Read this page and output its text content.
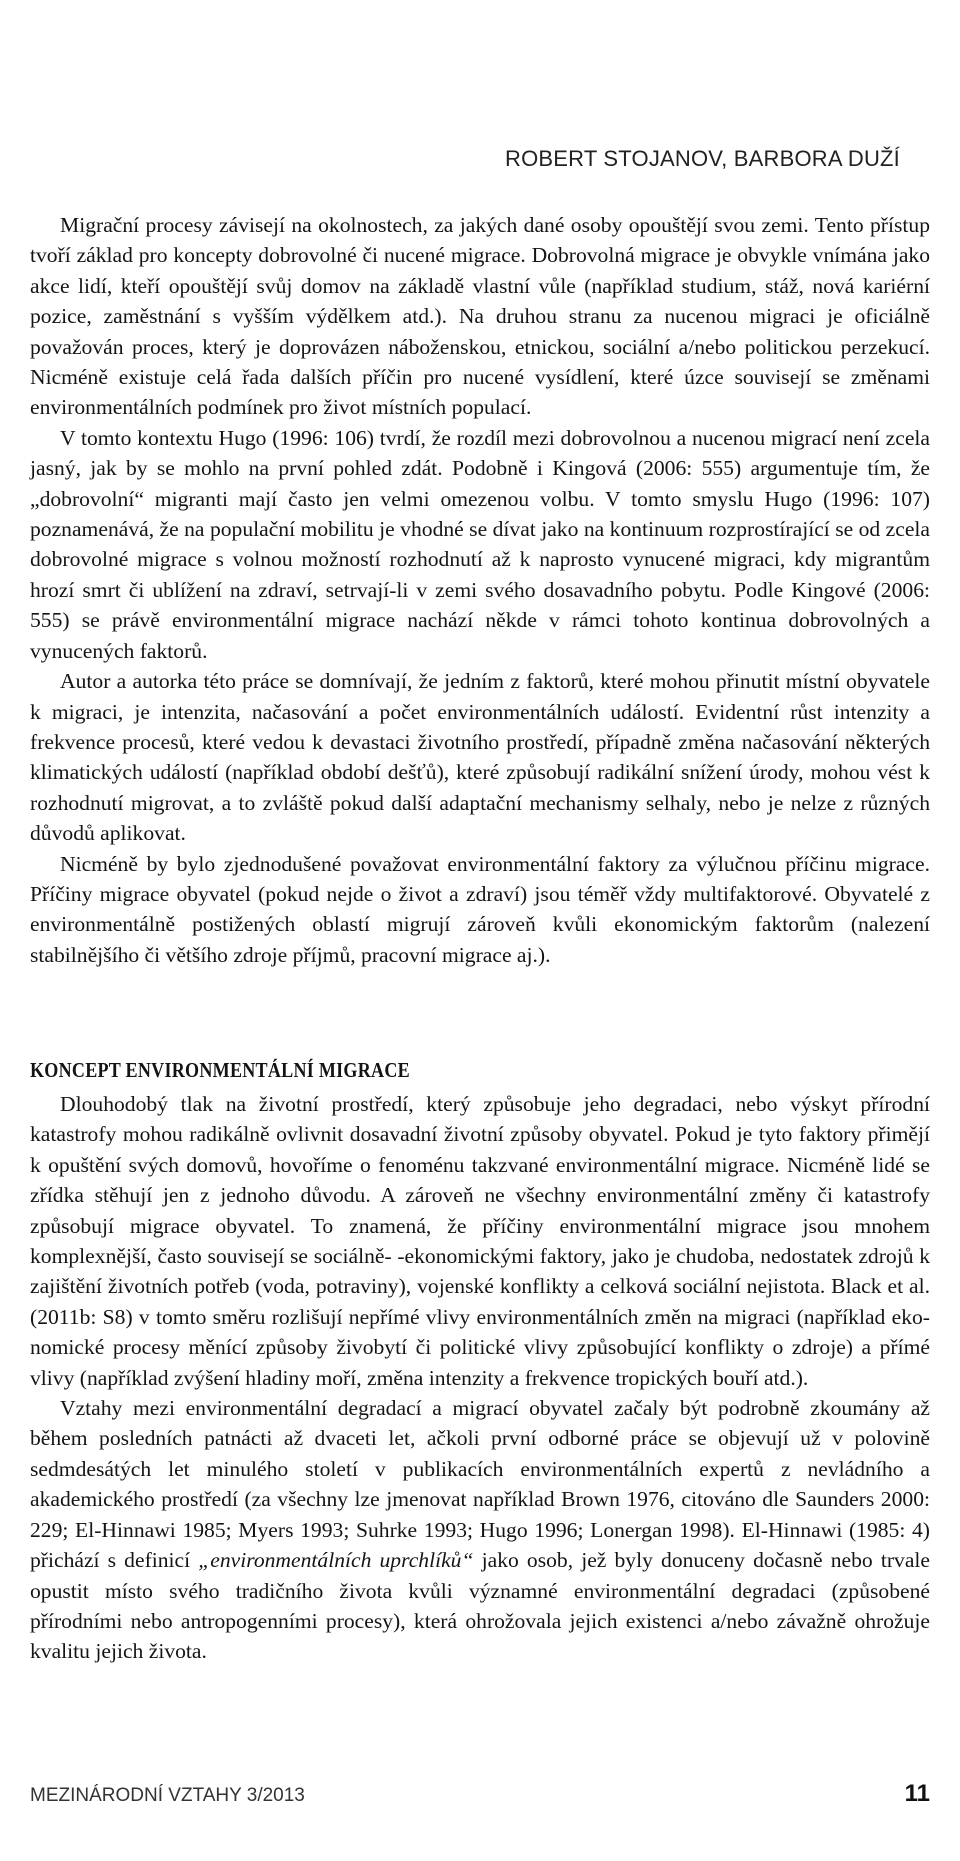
ROBERT STOJANOV, BARBORA DUŽÍ

Migrační procesy závisejí na okolnostech, za jakých dané osoby opouštějí svou zemi. Tento přístup tvoří základ pro koncepty dobrovolné či nucené migrace. Dobrovolná migrace je obvykle vnímána jako akce lidí, kteří opouštějí svůj domov na základě vlastní vůle (například studium, stáž, nová kariérní pozice, zaměstnání s vyšším výdělkem atd.). Na druhou stranu za nucenou migraci je oficiálně považován proces, který je doprovázen náboženskou, etnickou, sociální a/nebo politickou perzekucí. Nicméně existuje celá řada dalších příčin pro nucené vysídlení, které úzce souvisejí se změnami environmentálních podmínek pro život místních populací.

V tomto kontextu Hugo (1996: 106) tvrdí, že rozdíl mezi dobrovolnou a nucenou migrací není zcela jasný, jak by se mohlo na první pohled zdát. Podobně i Kingová (2006: 555) argumentuje tím, že „dobrovolní“ migranti mají často jen velmi omezenou volbu. V tomto smyslu Hugo (1996: 107) poznamenává, že na populační mobilitu je vhodné se dívat jako na kontinuum rozprostírající se od zcela dobrovolné migrace s volnou možností rozhodnutí až k naprosto vynucené migraci, kdy migrantům hrozí smrt či ublížení na zdraví, setrvají-li v zemi svého dosavadního pobytu. Podle Kingové (2006: 555) se právě environmentální migrace nachází někde v rámci tohoto kontinua dobrovolných a vynucených faktorů.

Autor a autorka této práce se domnívají, že jedním z faktorů, které mohou přinutit místní obyvatele k migraci, je intenzita, načasování a počet environmentálních událostí. Evidentní růst intenzity a frekvence procesů, které vedou k devastaci životního prostředí, případně změna načasování některých klimatických událostí (například období dešťů), které způsobují radikální snížení úrody, mohou vést k rozhodnutí migrovat, a to zvláště pokud další adaptační mechanismy selhaly, nebo je nelze z různých důvodů aplikovat.

Nicméně by bylo zjednodušené považovat environmentální faktory za výlučnou příčinu migrace. Příčiny migrace obyvatel (pokud nejde o život a zdraví) jsou téměř vždy multifaktorové. Obyvatelé z environmentálně postižených oblastí migrují zároveň kvůli ekonomickým faktorům (nalezení stabilnějšího či většího zdroje příjmů, pracovní migrace aj.).

KONCEPT ENVIRONMENTÁLNÍ MIGRACE

Dlouhodobý tlak na životní prostředí, který způsobuje jeho degradaci, nebo výskyt přírodní katastrofy mohou radikálně ovlivnit dosavadní životní způsoby obyvatel. Pokud je tyto faktory přimějí k opuštění svých domovů, hovoříme o fenoménu takzvané environmentální migrace. Nicméně lidé se zřídka stěhují jen z jednoho důvodu. A zároveň ne všechny environmentální změny či katastrofy způsobují migrace obyvatel. To znamená, že příčiny environmentální migrace jsou mnohem komplexnější, často souvisejí se sociálně- -ekonomickými faktory, jako je chudoba, nedostatek zdrojů k zajištění životních potřeb (voda, potraviny), vojenské konflikty a celková sociální nejistota. Black et al. (2011b: S8) v tomto směru rozlišují nepřímé vlivy environmentálních změn na migraci (například ekonomické procesy měnící způsoby živobytí či politické vlivy způsobující konflikty o zdroje) a přímé vlivy (například zvýšení hladiny moří, změna intenzity a frekvence tropických bouří atd.).

Vztahy mezi environmentální degradací a migrací obyvatel začaly být podrobně zkoumány až během posledních patnácti až dvaceti let, ačkoli první odborné práce se objevují už v polovině sedmdesátých let minulého století v publikacích environmentálních expertů z nevládního a akademického prostředí (za všechny lze jmenovat například Brown 1976, citováno dle Saunders 2000: 229; El-Hinnawi 1985; Myers 1993; Suhrke 1993; Hugo 1996; Lonergan 1998). El-Hinnawi (1985: 4) přichází s definicí „environmentálních uprchlíků“ jako osob, jež byly donuceny dočasně nebo trvale opustit místo svého tradičního života kvůli významné environmentální degradaci (způsobené přírodními nebo antropogenními procesy), která ohrožovala jejich existenci a/nebo závažně ohrožuje kvalitu jejich života.

MEZINÁRODNÍ VZTAHY 3/2013	11
